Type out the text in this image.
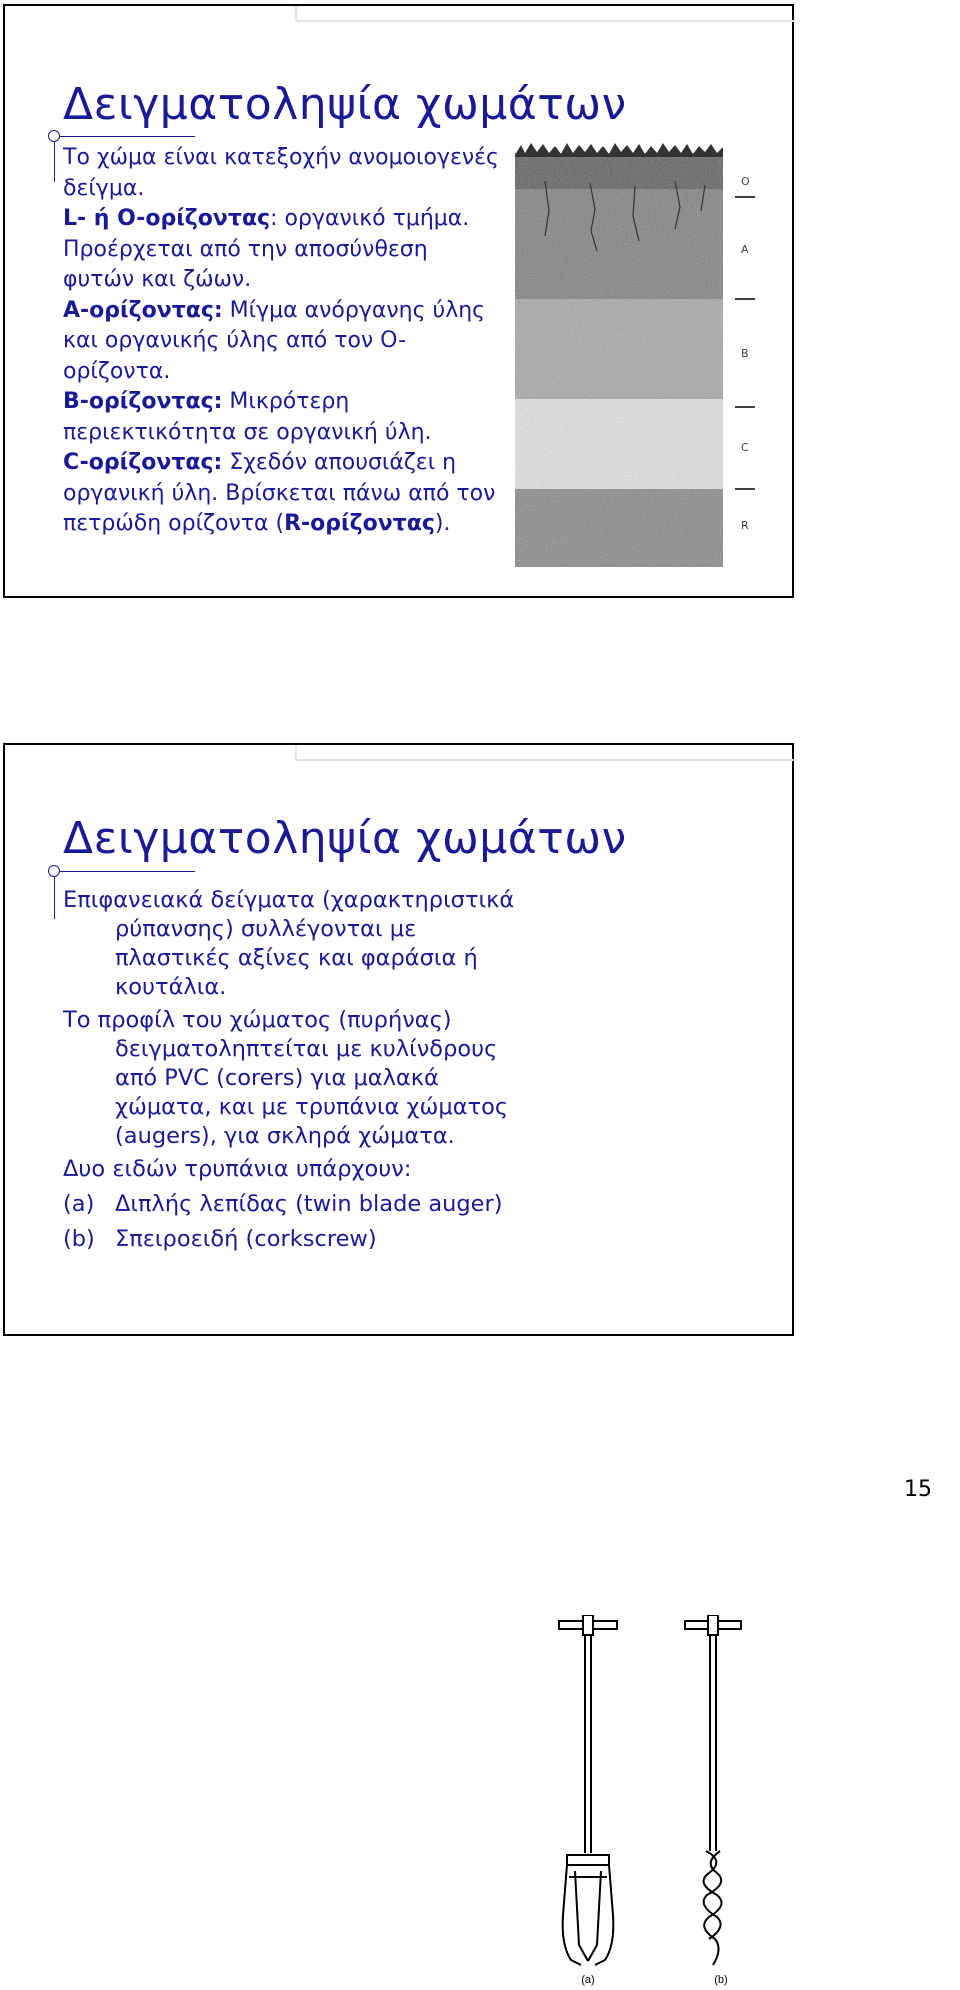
Δειγματοληψία χωμάτων
Το χώμα είναι κατεξοχήν ανομοιογενές δείγμα.
L- ή O-ορίζοντας: οργανικό τμήμα. Προέρχεται από την αποσύνθεση φυτών και ζώων.
A-ορίζοντας: Μίγμα ανόργανης ύλης και οργανικής ύλης από τον O-ορίζοντα.
B-ορίζοντας: Μικρότερη περιεκτικότητα σε οργανική ύλη.
C-ορίζοντας: Σχεδόν απουσιάζει η οργανική ύλη. Βρίσκεται πάνω από τον πετρώδη ορίζοντα (R-ορίζοντας).
O
A
B
C
R
Δειγματοληψία χωμάτων
Επιφανειακά δείγματα (χαρακτηριστικά ρύπανσης) συλλέγονται με πλαστικές αξίνες και φαράσια ή κουτάλια.
Το προφίλ του χώματος (πυρήνας) δειγματοληπτείται με κυλίνδρους από PVC (corers) για μαλακά χώματα, και με τρυπάνια χώματος (augers), για σκληρά χώματα.
Δυο ειδών τρυπάνια υπάρχουν:
(a) Διπλής λεπίδας (twin blade auger)
(b) Σπειροειδή (corkscrew)
(a)	(b)
15
